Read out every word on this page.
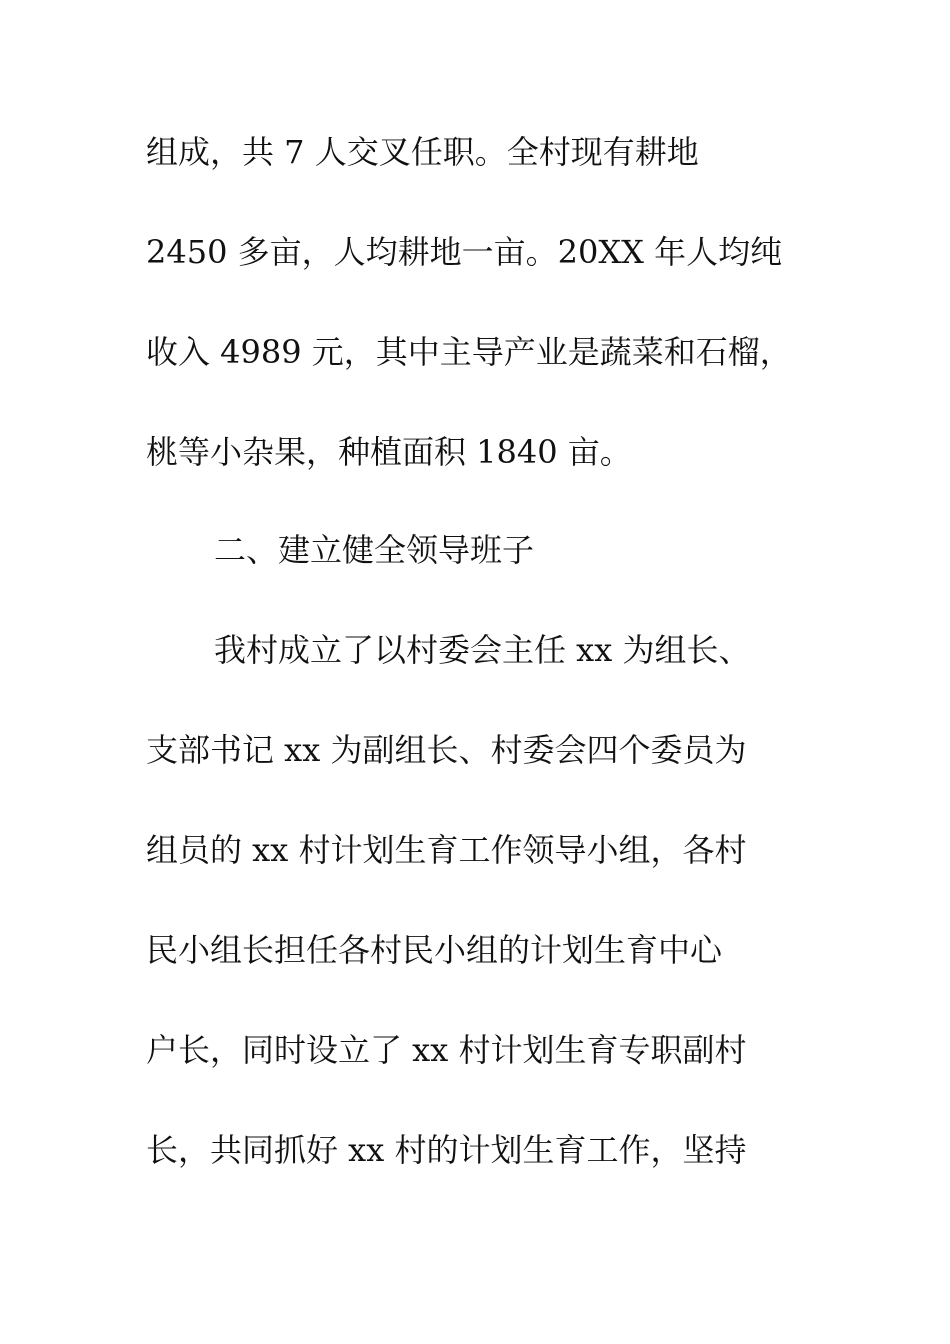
组成，共 7 人交叉任职。全村现有耕地
2450 多亩，人均耕地一亩。20XX 年人均纯
收入 4989 元，其中主导产业是蔬菜和石榴，
桃等小杂果，种植面积 1840 亩。
二、建立健全领导班子
我村成立了以村委会主任 xx 为组长、
支部书记 xx 为副组长、村委会四个委员为
组员的 xx 村计划生育工作领导小组，各村
民小组长担任各村民小组的计划生育中心
户长，同时设立了 xx 村计划生育专职副村
长，共同抓好 xx 村的计划生育工作，坚持
